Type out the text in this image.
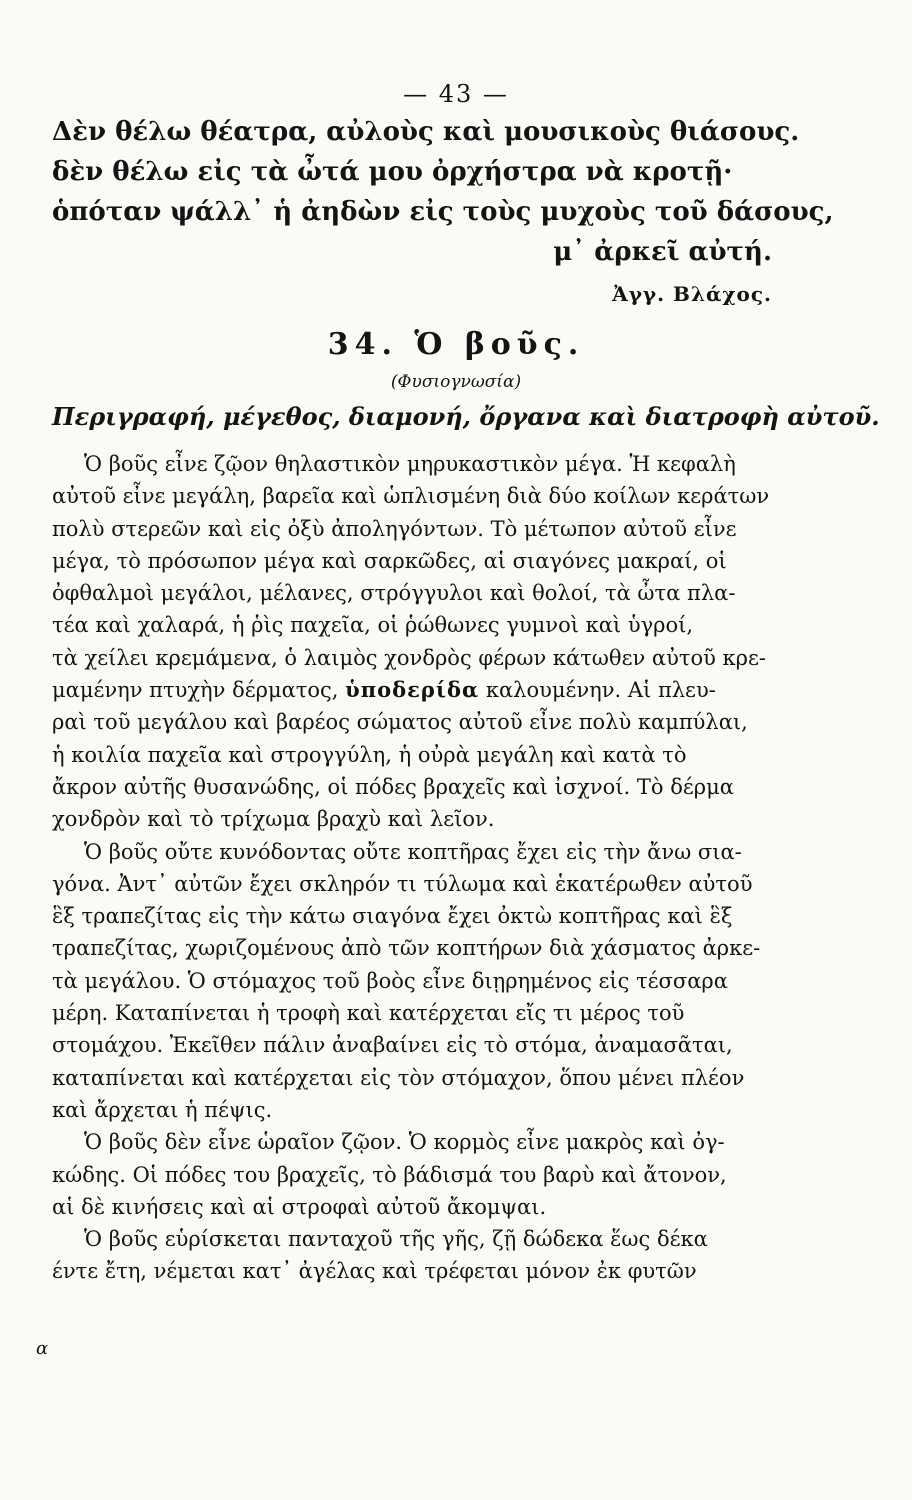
— 43 —
Δὲν θέλω θέατρα, αὐλοὺς καὶ μουσικοὺς θιάσους.
δὲν θέλω εἰς τὰ ὦτά μου ὀρχήστρα νὰ κροτῇ·
ὁπόταν ψάλλ᾽ ἡ ἀηδὼν εἰς τοὺς μυχοὺς τοῦ δάσους,
μ᾽ ἀρκεῖ αὐτή.
Ἀγγ. Βλάχος.
34. Ὁ βοῦς.
(Φυσιογνωσία)
Περιγραφή, μέγεθος, διαμονή, ὄργανα καὶ διατροφὴ αὐτοῦ.
Ὁ βοῦς εἶνε ζῷον θηλαστικὸν μηρυκαστικὸν μέγα. Ἡ κεφαλὴ
αὐτοῦ εἶνε μεγάλη, βαρεῖα καὶ ὡπλισμένη διὰ δύο κοίλων κεράτων
πολὺ στερεῶν καὶ εἰς ὀξὺ ἀποληγόντων. Τὸ μέτωπον αὐτοῦ εἶνε
μέγα, τὸ πρόσωπον μέγα καὶ σαρκῶδες, αἱ σιαγόνες μακραί, οἱ
ὀφθαλμοὶ μεγάλοι, μέλανες, στρόγγυλοι καὶ θολοί, τὰ ὦτα πλα-
τέα καὶ χαλαρά, ἡ ῥὶς παχεῖα, οἱ ῥώθωνες γυμνοὶ καὶ ὑγροί,
τὰ χείλει κρεμάμενα, ὁ λαιμὸς χονδρὸς φέρων κάτωθεν αὐτοῦ κρε-
μαμένην πτυχὴν δέρματος, ὑποδερίδα καλουμένην. Αἱ πλευ-
ραὶ τοῦ μεγάλου καὶ βαρέος σώματος αὐτοῦ εἶνε πολὺ καμπύλαι,
ἡ κοιλία παχεῖα καὶ στρογγύλη, ἡ οὐρὰ μεγάλη καὶ κατὰ τὸ
ἄκρον αὐτῆς θυσανώδης, οἱ πόδες βραχεῖς καὶ ἰσχνοί. Τὸ δέρμα
χονδρὸν καὶ τὸ τρίχωμα βραχὺ καὶ λεῖον.
Ὁ βοῦς οὔτε κυνόδοντας οὔτε κοπτῆρας ἔχει εἰς τὴν ἄνω σια-
γόνα. Ἀντ᾽ αὐτῶν ἔχει σκληρόν τι τύλωμα καὶ ἑκατέρωθεν αὐτοῦ
ἓξ τραπεζίτας εἰς τὴν κάτω σιαγόνα ἔχει ὀκτὼ κοπτῆρας καὶ ἓξ
τραπεζίτας, χωριζομένους ἀπὸ τῶν κοπτήρων διὰ χάσματος ἀρκε-
τὰ μεγάλου. Ὁ στόμαχος τοῦ βοὸς εἶνε διῃρημένος εἰς τέσσαρα
μέρη. Καταπίνεται ἡ τροφὴ καὶ κατέρχεται εἴς τι μέρος τοῦ
στομάχου. Ἐκεῖθεν πάλιν ἀναβαίνει εἰς τὸ στόμα, ἀναμασᾶται,
καταπίνεται καὶ κατέρχεται εἰς τὸν στόμαχον, ὅπου μένει πλέον
καὶ ἄρχεται ἡ πέψις.
Ὁ βοῦς δὲν εἶνε ὡραῖον ζῷον. Ὁ κορμὸς εἶνε μακρὸς καὶ ὀγ-
κώδης. Οἱ πόδες του βραχεῖς, τὸ βάδισμά του βαρὺ καὶ ἄτονον,
αἱ δὲ κινήσεις καὶ αἱ στροφαὶ αὐτοῦ ἄκομψαι.
Ὁ βοῦς εὑρίσκεται πανταχοῦ τῆς γῆς, ζῇ δώδεκα ἕως δέκα
έντε ἔτη, νέμεται κατ᾽ ἀγέλας καὶ τρέφεται μόνον ἐκ φυτῶν
α
